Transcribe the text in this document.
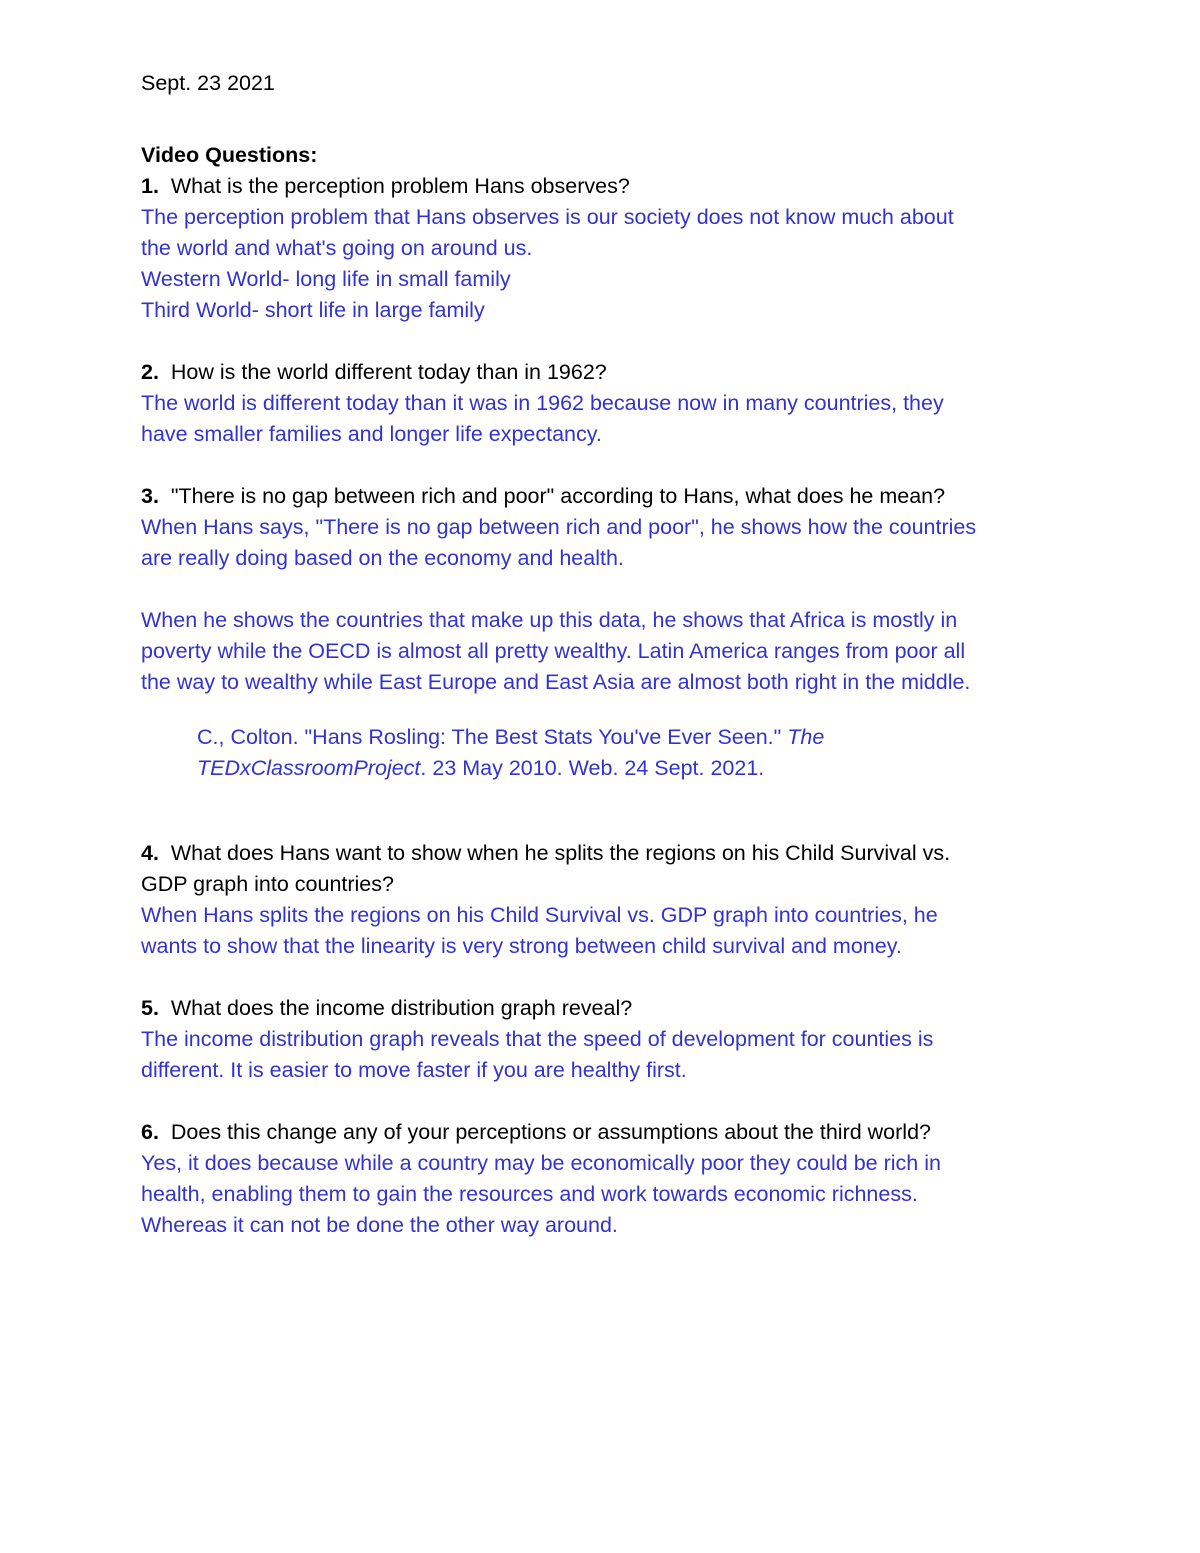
Sept. 23 2021
Video Questions:
1. What is the perception problem Hans observes?
The perception problem that Hans observes is our society does not know much about
the world and what's going on around us.
Western World- long life in small family
Third World- short life in large family
2. How is the world different today than in 1962?
The world is different today than it was in 1962 because now in many countries, they
have smaller families and longer life expectancy.
3. "There is no gap between rich and poor" according to Hans, what does he mean?
When Hans says, "There is no gap between rich and poor", he shows how the countries
are really doing based on the economy and health.
When he shows the countries that make up this data, he shows that Africa is mostly in
poverty while the OECD is almost all pretty wealthy. Latin America ranges from poor all
the way to wealthy while East Europe and East Asia are almost both right in the middle.
C., Colton. "Hans Rosling: The Best Stats You've Ever Seen." The
TEDxClassroomProject. 23 May 2010. Web. 24 Sept. 2021.
4. What does Hans want to show when he splits the regions on his Child Survival vs.
GDP graph into countries?
When Hans splits the regions on his Child Survival vs. GDP graph into countries, he
wants to show that the linearity is very strong between child survival and money.
5. What does the income distribution graph reveal?
The income distribution graph reveals that the speed of development for counties is
different. It is easier to move faster if you are healthy first.
6. Does this change any of your perceptions or assumptions about the third world?
Yes, it does because while a country may be economically poor they could be rich in
health, enabling them to gain the resources and work towards economic richness.
Whereas it can not be done the other way around.
